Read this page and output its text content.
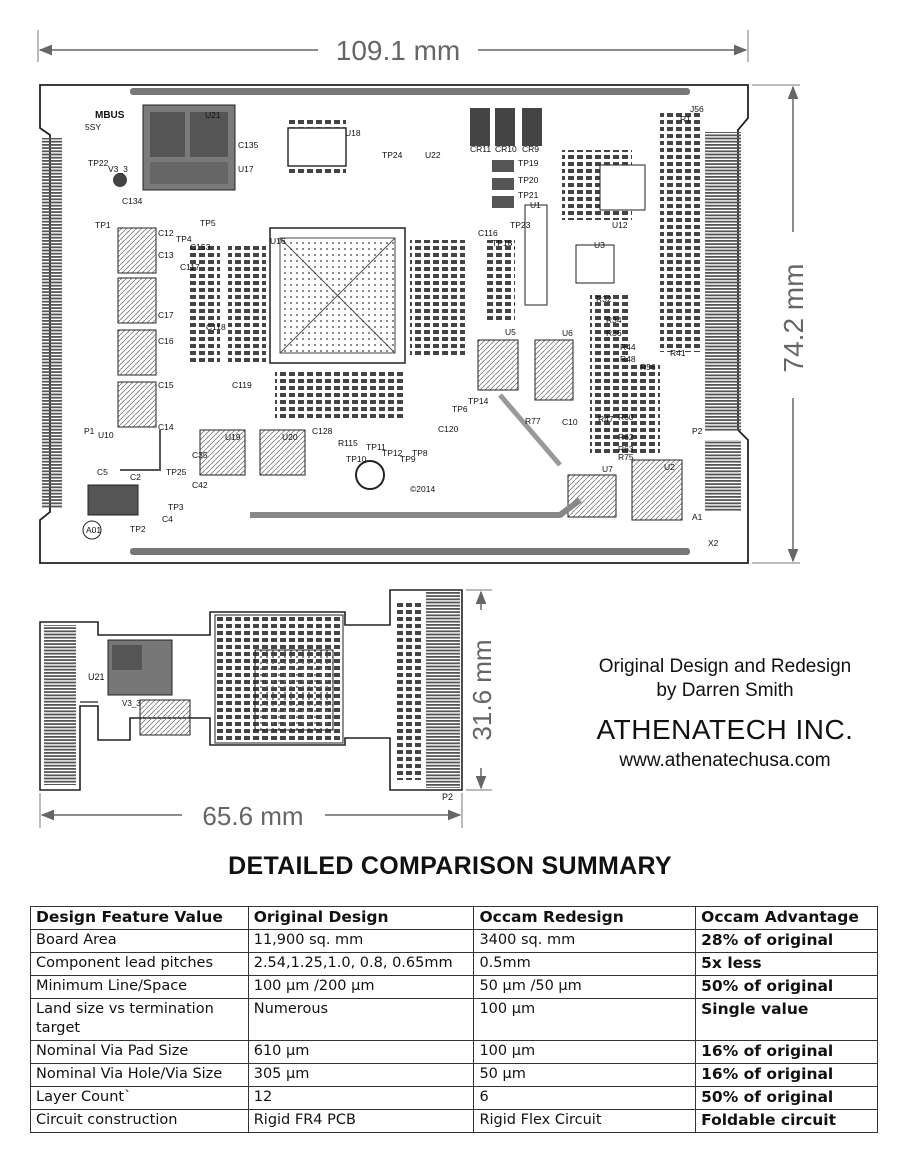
109.1 mm
74.2 mm
MBUS
5SY
U21
C135
U17
U18
TP24	U22
CR11 CR10 CR9
TP19
TP20
TP21
TP22
V3_3
TP1
C134
TP5
TP4
C153
C12
C13
C117
C17
C16
C118
C15
C14
U16
U1
U5	U6
TP18
C116
U3
U12
R32
R34
R36
R44
R48
R56
P2
C119
C120
TP6
TP14
P1 U10
C5	C2
C4
TP3
TP25
TP2
A01
U19	U20
C128
C35
C42
R115
TP9
TP8
TP12
TP10
TP11
C10
U7	U2
R47 R60
R62
R63
R75
R77
A1
X2
R41
R1
J56
TP23
©2014
U21
V3_3
P2
65.6 mm
31.6 mm	Original Design and Redesign
by Darren Smith
ATHENATECH INC.
www.athenatechusa.com
DETAILED COMPARISON SUMMARY
Design Feature Value	Original Design	Occam Redesign	Occam Advantage
Board Area	11,900 sq. mm	3400 sq. mm	28% of original
Component lead pitches	2.54,1.25,1.0, 0.8, 0.65mm	0.5mm	5x less
Minimum Line/Space	100 µm /200 µm	50 µm /50 µm	50% of original
Land size vs termination target	Numerous	100 µm	Single value
Nominal Via Pad Size	610 µm	100 µm	16% of original
Nominal Via Hole/Via Size	305 µm	50 µm	16% of original
Layer Count`	12	6	50% of original
Circuit construction	Rigid FR4 PCB	Rigid Flex Circuit	Foldable circuit
